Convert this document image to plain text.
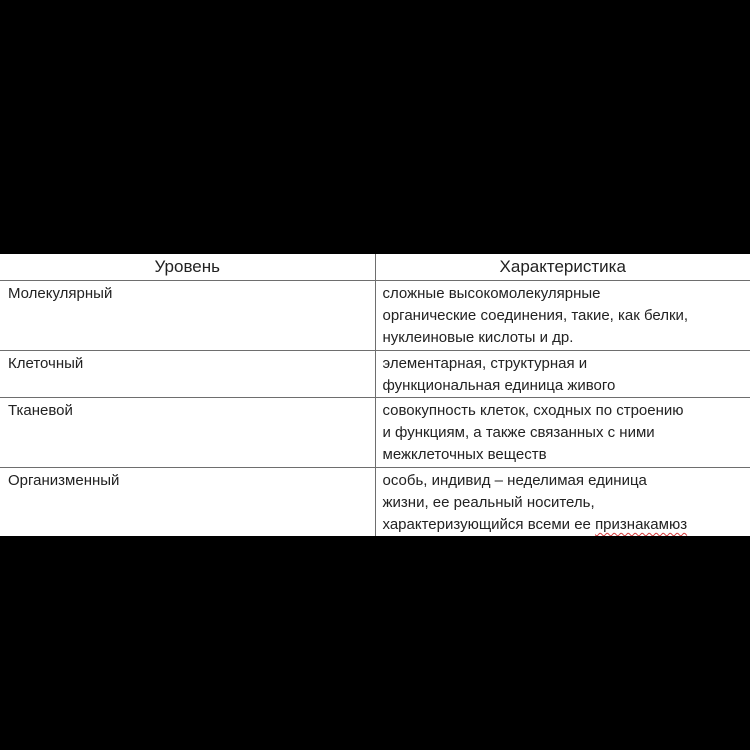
Уровень	Характеристика
Молекулярный	сложные высокомолекулярные
органические соединения, такие, как белки,
нуклеиновые кислоты и др.

Клеточный	элементарная, структурная и
функциональная единица живого

Тканевой	совокупность клеток, сходных по строению
и функциям, а также связанных с ними
межклеточных веществ

Организменный	особь, индивид – неделимая единица
жизни, ее реальный носитель,
характеризующийся всеми ее признакамюз
